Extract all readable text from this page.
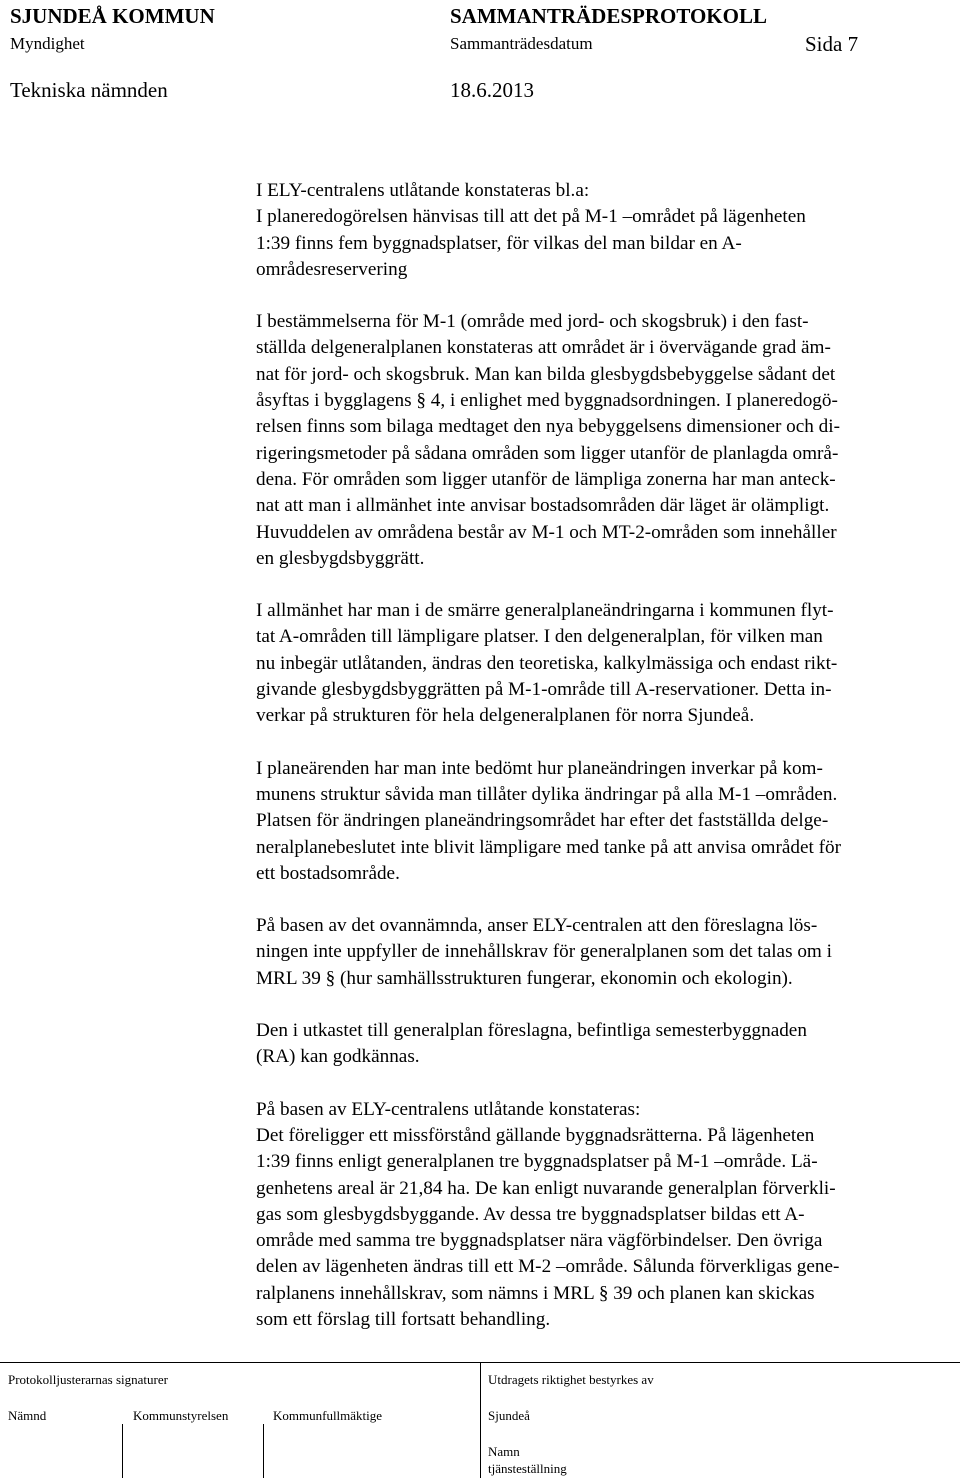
SJUNDEÅ KOMMUN	SAMMANTRÄDESPROTOKOLL
Myndighet	Sammanträdesdatum	Sida 7
Tekniska nämnden	18.6.2013

I ELY-centralens utlåtande konstateras bl.a:
I planeredogörelsen hänvisas till att det på M-1 –området på lägenheten
1:39 finns fem byggnadsplatser, för vilkas del man bildar en A-
områdesreservering

I bestämmelserna för M-1 (område med jord- och skogsbruk) i den fast-
ställda delgeneralplanen konstateras att området är i övervägande grad äm-
nat för jord- och skogsbruk. Man kan bilda glesbygdsbebyggelse sådant det
åsyftas i bygglagens § 4, i enlighet med byggnadsordningen. I planeredogö-
relsen finns som bilaga medtaget den nya bebyggelsens dimensioner och di-
rigeringsmetoder på sådana områden som ligger utanför de planlagda områ-
dena. För områden som ligger utanför de lämpliga zonerna har man anteck-
nat att man i allmänhet inte anvisar bostadsområden där läget är olämpligt.
Huvuddelen av områdena består av M-1 och MT-2-områden som innehåller
en glesbygdsbyggrätt.

I allmänhet har man i de smärre generalplaneändringarna i kommunen flyt-
tat A-områden till lämpligare platser. I den delgeneralplan, för vilken man
nu inbegär utlåtanden, ändras den teoretiska, kalkylmässiga och endast rikt-
givande glesbygdsbyggrätten på M-1-område till A-reservationer. Detta in-
verkar på strukturen för hela delgeneralplanen för norra Sjundeå.

I planeärenden har man inte bedömt hur planeändringen inverkar på kom-
munens struktur såvida man tillåter dylika ändringar på alla M-1 –områden.
Platsen för ändringen planeändringsområdet har efter det fastställda delge-
neralplanebeslutet inte blivit lämpligare med tanke på att anvisa området för
ett bostadsområde.

På basen av det ovannämnda, anser ELY-centralen att den föreslagna lös-
ningen inte uppfyller de innehållskrav för generalplanen som det talas om i
MRL 39 § (hur samhällsstrukturen fungerar, ekonomin och ekologin).

Den i utkastet till generalplan föreslagna, befintliga semesterbyggnaden
(RA) kan godkännas.

På basen av ELY-centralens utlåtande konstateras:
Det föreligger ett missförstånd gällande byggnadsrätterna. På lägenheten
1:39 finns enligt generalplanen tre byggnadsplatser på M-1 –område. Lä-
genhetens areal är 21,84 ha. De kan enligt nuvarande generalplan förverkli-
gas som glesbygdsbyggande. Av dessa tre byggnadsplatser bildas ett A-
område med samma tre byggnadsplatser nära vägförbindelser. Den övriga
delen av lägenheten ändras till ett M-2 –område. Sålunda förverkligas gene-
ralplanens innehållskrav, som nämns i MRL § 39 och planen kan skickas
som ett förslag till fortsatt behandling.

Protokolljusterarnas signaturer	Utdragets riktighet bestyrkes av
Nämnd	Kommunstyrelsen	Kommunfullmäktige	Sjundeå
Namn
tjänsteställning
